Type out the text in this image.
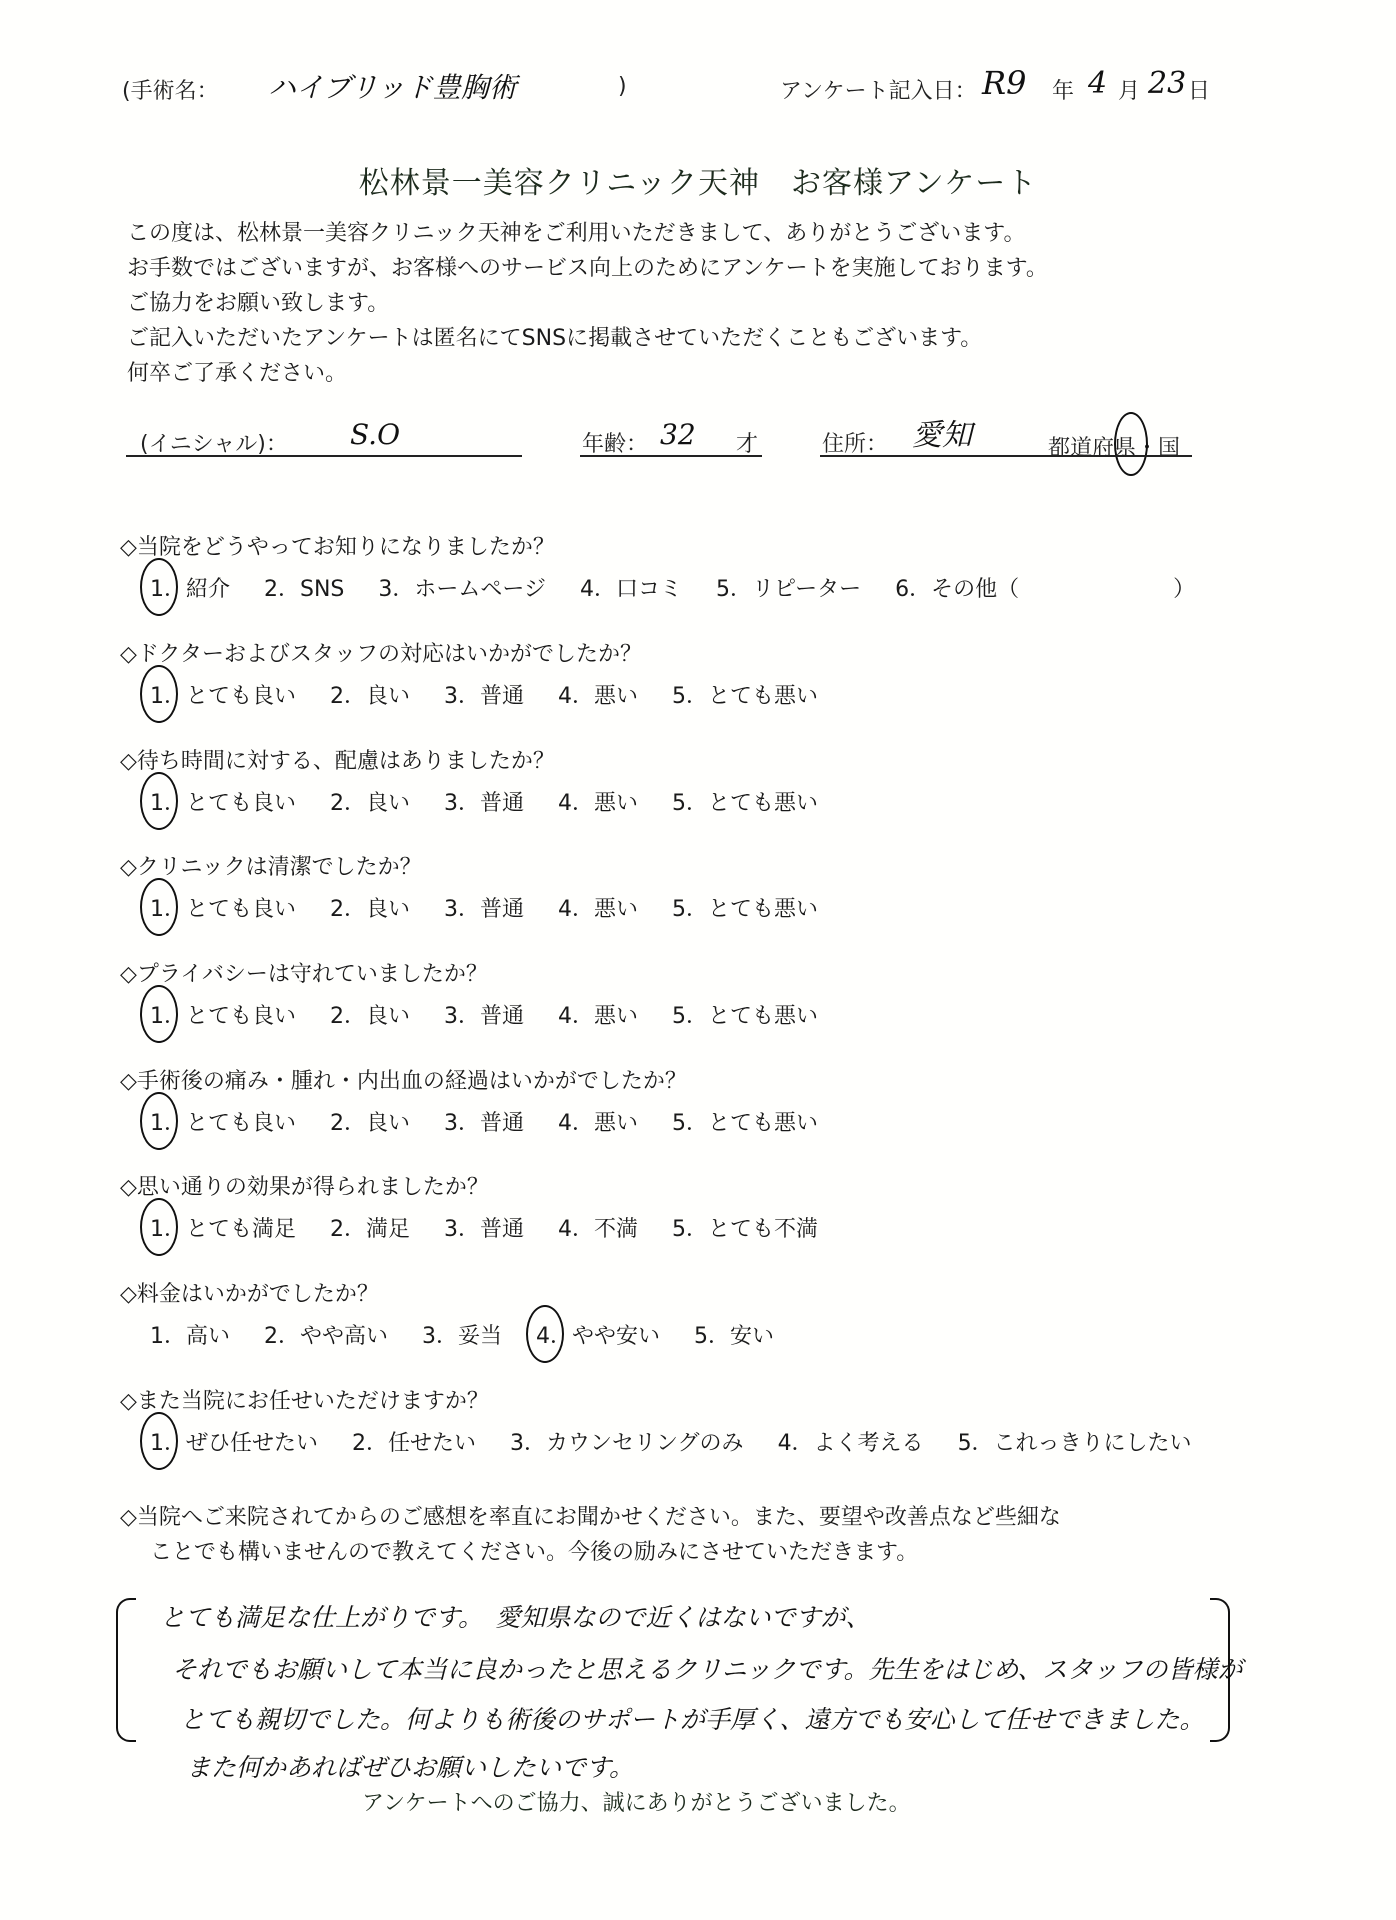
(手術名： ハイブリッド豊胸術	)	アンケート記入日： R9 年 4 月 23 日
松林景一美容クリニック天神　お客様アンケート
この度は、松林景一美容クリニック天神をご利用いただきまして、ありがとうございます。
お手数ではございますが、お客様へのサービス向上のためにアンケートを実施しております。
ご協力をお願い致します。
ご記入いただいたアンケートは匿名にてSNSに掲載させていただくこともございます。
何卒ご了承ください。
(イニシャル)： S.O	年齢： 32 才	住所： 愛知	都道府県・国
◇当院をどうやってお知りになりましたか？
1．紹介 2．SNS 3．ホームページ 4．口コミ 5．リピーター 6．その他（　　　　　　　）
◇ドクターおよびスタッフの対応はいかがでしたか？
1．とても良い 2．良い 3．普通 4．悪い 5．とても悪い
◇待ち時間に対する、配慮はありましたか？
1．とても良い 2．良い 3．普通 4．悪い 5．とても悪い
◇クリニックは清潔でしたか？
1．とても良い 2．良い 3．普通 4．悪い 5．とても悪い
◇プライバシーは守れていましたか？
1．とても良い 2．良い 3．普通 4．悪い 5．とても悪い
◇手術後の痛み・腫れ・内出血の経過はいかがでしたか？
1．とても良い 2．良い 3．普通 4．悪い 5．とても悪い
◇思い通りの効果が得られましたか？
1．とても満足 2．満足 3．普通 4．不満 5．とても不満
◇料金はいかがでしたか？
1．高い 2．やや高い 3．妥当 4．やや安い 5．安い
◇また当院にお任せいただけますか？
1．ぜひ任せたい 2．任せたい 3．カウンセリングのみ 4．よく考える 5．これっきりにしたい
◇当院へご来院されてからのご感想を率直にお聞かせください。また、要望や改善点など些細な
ことでも構いませんので教えてください。今後の励みにさせていただきます。
とても満足な仕上がりです。　愛知県なので近くはないですが、
それでもお願いして本当に良かったと思えるクリニックです。先生をはじめ、スタッフの皆様が
とても親切でした。何よりも術後のサポートが手厚く、遠方でも安心して任せできました。
また何かあればぜひお願いしたいです。
アンケートへのご協力、誠にありがとうございました。
